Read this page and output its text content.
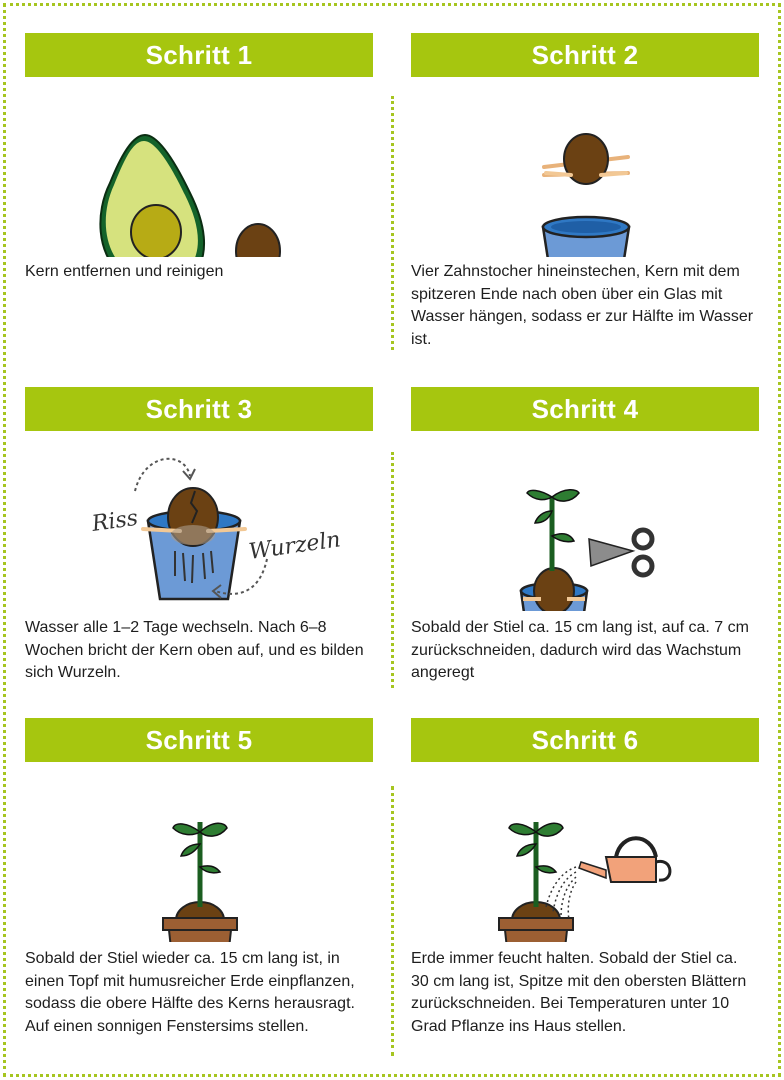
Schritt 1
Kern entfernen und reinigen
Schritt 2
Vier Zahnstocher hineinstechen, Kern mit dem spitzeren Ende nach oben über ein Glas mit Wasser hängen, sodass er zur Hälfte im Wasser ist.
Schritt 3
Riss
Wurzeln
Wasser alle 1–2 Tage wechseln. Nach 6–8 Wochen bricht der Kern oben auf, und es bilden sich Wurzeln.
Schritt 4
Sobald der Stiel ca. 15 cm lang ist, auf ca. 7 cm zurückschneiden, dadurch wird das Wachstum angeregt
Schritt 5
Sobald der Stiel wieder ca. 15 cm lang ist, in einen Topf mit humusreicher Erde einpflanzen, sodass die obere Hälfte des Kerns herausragt. Auf einen sonnigen Fenstersims stellen.
Schritt 6
Erde immer feucht halten. Sobald der Stiel ca. 30 cm lang ist, Spitze mit den obersten Blättern zurückschneiden. Bei Temperaturen unter 10 Grad Pflanze ins Haus stellen.
